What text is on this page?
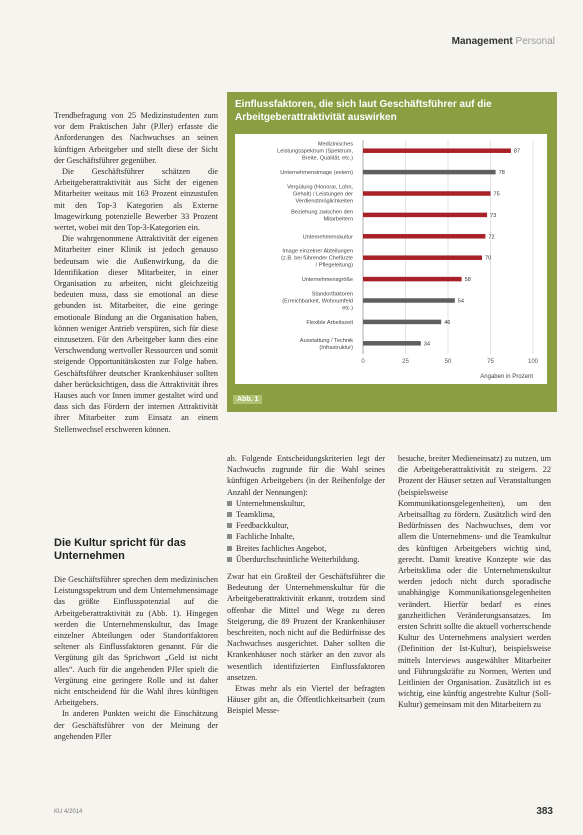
Management Personal

Trendbefragung von 25 Medizinstudenten zum vor dem Praktischen Jahr (PJler) erfasste die Anforderungen des Nachwuchses an seinen künftigen Arbeitgeber und stellt diese der Sicht der Geschäftsführer gegenüber.

Die Geschäftsführer schätzen die Arbeitgeberattraktivität aus Sicht der eigenen Mitarbeiter weitaus mit 163 Prozent einzustufen mit den Top-3 Kategorien als Externe Imagewirkung potenzielle Bewerber 33 Prozent wertet, wobei mit den Top-3-Kategorien ein.

Die wahrgenommene Attraktivität der eigenen Mitarbeiter einer Klinik ist jedoch genauso bedeutsam wie die Außenwirkung, da die Identifikation dieser Mitarbeiter, in einer Organisation zu arbeiten, nicht gleichzeitig bedeuten muss, dass sie emotional an diese gebunden ist. Mitarbeiter, die eine geringe emotionale Bindung an die Organisation haben, können weniger Antrieb verspüren, sich für diese einzusetzen. Für den Arbeitgeber kann dies eine Verschwendung wertvoller Ressourcen und somit steigende Opportunitätskosten zur Folge haben. Geschäftsführer deutscher Krankenhäuser sollten daher berücksichtigen, dass die Attraktivität ihres Hauses auch vor Innen immer gestaltet wird und dass sich das Fördern der internen Attraktivität ihrer Mitarbeiter zum Einsatz an einem Stellenwechsel erschweren können.

Die Kultur spricht für das Unternehmen

Die Geschäftsführer sprechen dem medizinischen Leistungsspektrum und dem Unternehmensimage das größte Einflusspotenzial auf die Arbeitgeberattraktivität zu (Abb. 1). Hingegen werden die Unternehmenskultur, das Image einzelner Abteilungen oder Standortfaktoren seltener als Einflussfaktoren genannt. Für die Vergütung gilt das Sprichwort „Geld ist nicht alles“. Auch für die angehenden PJler spielt die Vergütung eine geringere Rolle und ist daher nicht entscheidend für die Wahl ihres künftigen Arbeitgebers.

In anderen Punkten weicht die Einschätzung der Geschäftsführer von der Meinung der angehenden PJler

Einflussfaktoren, die sich laut Geschäftsführer auf die Arbeitgeberattraktivität auswirken
0	25	50	75	100
Medizinisches Leistungsspektrum (Spektrum, Breite, Qualität, etc.)
87
Unternehmensimage (extern)	78
Vergütung (Honorar, Lohn, Gehalt) / Leistungen der Verdienstmöglichkeiten
75
Beziehung zwischen den Mitarbeitern
73
Unternehmenskultur	72
Image einzelner Abteilungen (z.B. bei führender Chefärzte / Pflegeleitung)
70
Unternehmensgröße	58
Standortfaktoren (Erreichbarkeit, Wohnumfeld etc.)
54
Flexible Arbeitszeit	46
Ausstattung / Technik (Infrastruktur)
34
Angaben in Prozent
Abb. 1

ab. Folgende Entscheidungskriterien legt der Nachwuchs zugrunde für die Wahl seines künftigen Arbeitgebers (in der Reihenfolge der Anzahl der Nennungen):

Unternehmenskultur,
Teamklima,
Feedbackkultur,
Fachliche Inhalte,
Breites fachliches Angebot,
Überdurchschnittliche Weiterbildung.

Zwar hat ein Großteil der Geschäftsführer die Bedeutung der Unternehmenskultur für die Arbeitgeberattraktivität erkannt, trotzdem sind offenbar die Mittel und Wege zu deren Steigerung, die 89 Prozent der Krankenhäuser beschreiten, noch nicht auf die Bedürfnisse des Nachwuchses ausgerichtet. Daher sollten die Krankenhäuser noch stärker an den zuvor als wesentlich identifizierten Einflussfaktoren ansetzen.

Etwas mehr als ein Viertel der befragten Häuser gibt an, die Öffentlichkeitsarbeit (zum Beispiel Messe-

besuche, breiter Medieneinsatz) zu nutzen, um die Arbeitgeberattraktivität zu steigern. 22 Prozent der Häuser setzen auf Veranstaltungen (beispielsweise Kommunikationsgelegenheiten), um den Arbeitsalltag zu fördern. Zusätzlich wird den Bedürfnissen des Nachwuchses, dem vor allem die Unternehmens- und die Teamkultur des künftigen Arbeitgebers wichtig sind, gerecht. Damit kreative Konzepte wie das Arbeitsklima oder die Unternehmenskultur werden jedoch nicht durch sporadische unabhängige Kommunikationsgelegenheiten verändert. Hierfür bedarf es eines ganzheitlichen Veränderungsansatzes. Im ersten Schritt sollte die aktuell vorherrschende Kultur des Unternehmens analysiert werden (Definition der Ist-Kultur), beispielsweise mittels Interviews ausgewählter Mitarbeiter und Führungskräfte zu Normen, Werten und Leitlinien der Organisation. Zusätzlich ist es wichtig, eine künftig angestrebte Kultur (Soll-Kultur) gemeinsam mit den Mitarbeitern zu

KU 4/2014	383
